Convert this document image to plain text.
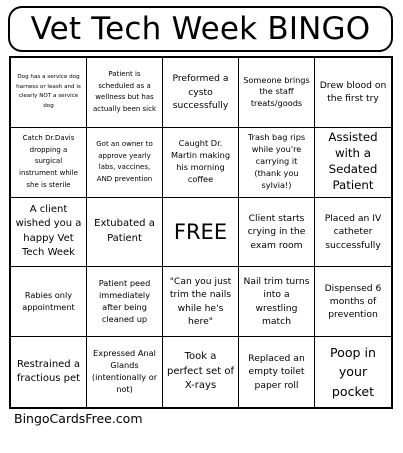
Vet Tech Week BINGO
Dog has a service dog harness or leash and is clearly NOT a service dog
Patient is scheduled as a wellness but has actually been sick
Preformed a cysto successfully
Someone brings the staff treats/goods
Drew blood on the first try
Catch Dr.Davis dropping a surgical instrument while she is sterile
Got an owner to approve yearly labs, vaccines, AND prevention
Caught Dr. Martin making his morning coffee
Trash bag rips while you're carrying it (thank you sylvia!)
Assisted with a Sedated Patient
A client wished you a happy Vet Tech Week
Extubated a Patient	FREE
Client starts crying in the exam room
Placed an IV catheter successfully
Rabies only appointment
Patient peed immediately after being cleaned up
"Can you just trim the nails while he's here"
Nail trim turns into a wrestling match
Dispensed 6 months of prevention
Restrained a fractious pet
Expressed Anal Glands (intentionally or not)
Took a perfect set of X-rays
Replaced an empty toilet paper roll
Poop in your pocket
BingoCardsFree.com
